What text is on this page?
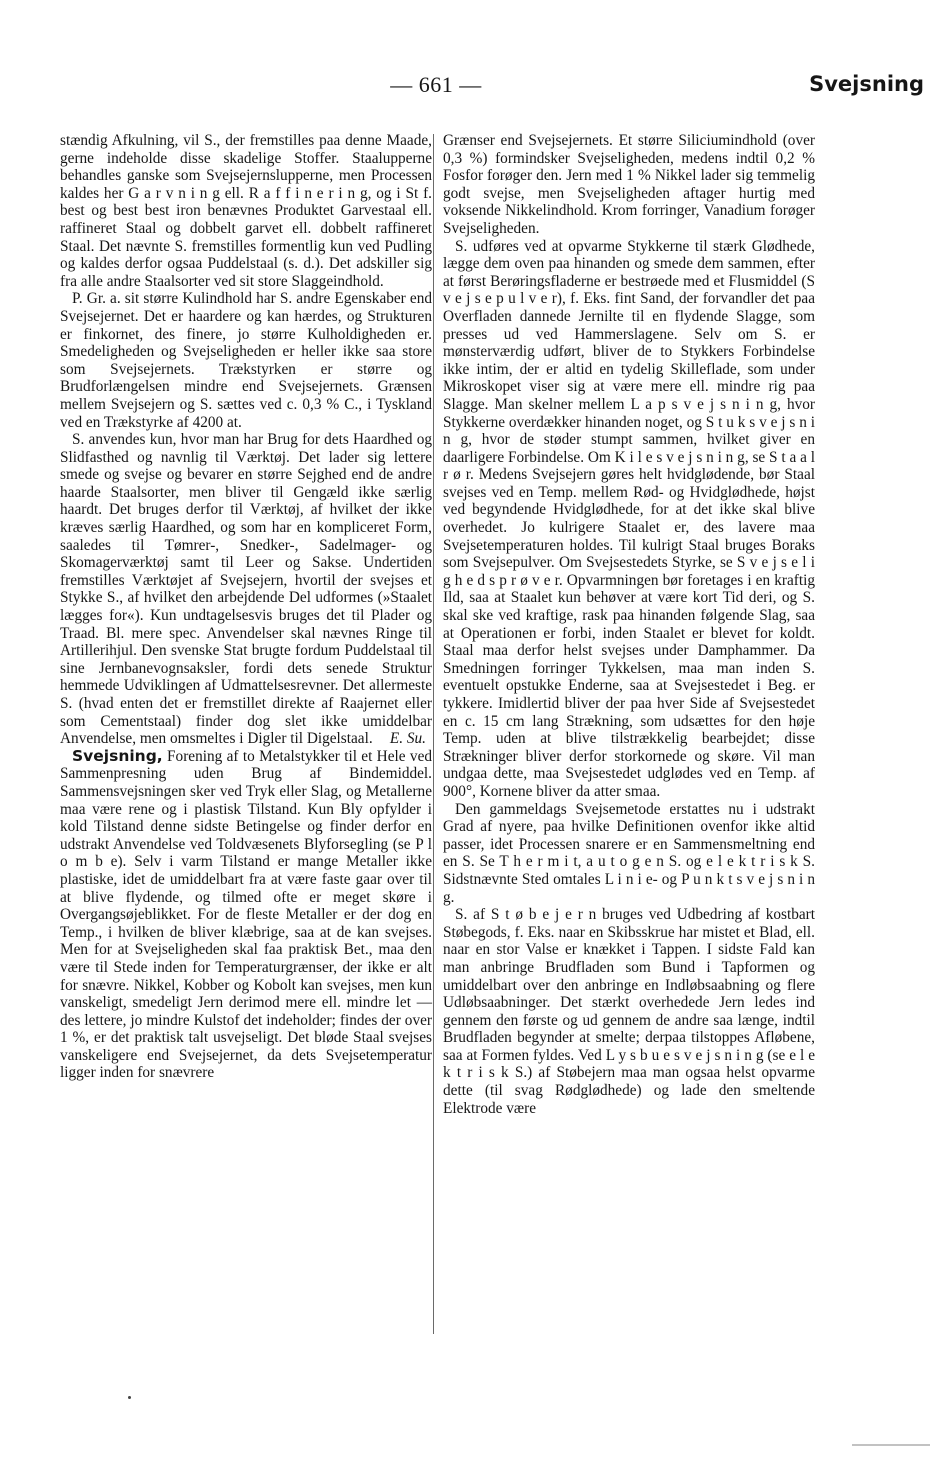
— 661 —	Svejsning

stændig Afkulning, vil S., der fremstilles paa denne Maade, gerne indeholde disse skadelige Stoffer. Staalupperne behandles ganske som Svejsejernslupperne, men Processen kaldes her G a r v n i n g ell. R a f f i n e r i n g, og i St f. best og best best iron benævnes Produktet Garvestaal ell. raffineret Staal og dobbelt garvet ell. dobbelt raffineret Staal. Det nævnte S. fremstilles formentlig kun ved Pudling og kaldes derfor ogsaa Puddelstaal (s. d.). Det adskiller sig fra alle andre Staalsorter ved sit store Slaggeindhold.

P. Gr. a. sit større Kulindhold har S. andre Egenskaber end Svejsejernet. Det er haardere og kan hærdes, og Strukturen er finkornet, des finere, jo større Kulholdigheden er. Smedeligheden og Svejseligheden er heller ikke saa store som Svejsejernets. Trækstyrken er større og Brudforlængelsen mindre end Svejsejernets. Grænsen mellem Svejsejern og S. sættes ved c. 0,3 % C., i Tyskland ved en Trækstyrke af 4200 at.

S. anvendes kun, hvor man har Brug for dets Haardhed og Slidfasthed og navnlig til Værktøj. Det lader sig lettere smede og svejse og bevarer en større Sejghed end de andre haarde Staalsorter, men bliver til Gengæld ikke særlig haardt. Det bruges derfor til Værktøj, af hvilket der ikke kræves særlig Haardhed, og som har en kompliceret Form, saaledes til Tømrer-, Snedker-, Sadelmager- og Skomagerværktøj samt til Leer og Sakse. Undertiden fremstilles Værktøjet af Svejsejern, hvortil der svejses et Stykke S., af hvilket den arbejdende Del udformes (»Staalet lægges for«). Kun undtagelsesvis bruges det til Plader og Traad. Bl. mere spec. Anvendelser skal nævnes Ringe til Artillerihjul. Den svenske Stat brugte fordum Puddelstaal til sine Jernbanevognsaksler, fordi dets senede Struktur hemmede Udviklingen af Udmattelsesrevner. Det allermeste S. (hvad enten det er fremstillet direkte af Raajernet eller som Cementstaal) finder dog slet ikke umiddelbar Anvendelse, men omsmeltes i Digler til Digelstaal.	E. Su.

Svejsning, Forening af to Metalstykker til et Hele ved Sammenpresning uden Brug af Bindemiddel. Sammensvejsningen sker ved Tryk eller Slag, og Metallerne maa være rene og i plastisk Tilstand. Kun Bly opfylder i kold Tilstand denne sidste Betingelse og finder derfor en udstrakt Anvendelse ved Toldvæsenets Blyforsegling (se P l o m b e). Selv i varm Tilstand er mange Metaller ikke plastiske, idet de umiddelbart fra at være faste gaar over til at blive flydende, og tilmed ofte er meget skøre i Overgangsøjeblikket. For de fleste Metaller er der dog en Temp., i hvilken de bliver klæbrige, saa at de kan svejses. Men for at Svejseligheden skal faa praktisk Bet., maa den være til Stede inden for Temperaturgrænser, der ikke er alt for snævre. Nikkel, Kobber og Kobolt kan svejses, men kun vanskeligt, smedeligt Jern derimod mere ell. mindre let — des lettere, jo mindre Kulstof det indeholder; findes der over 1 %, er det praktisk talt usvejseligt. Det bløde Staal svejses vanskeligere end Svejsejernet, da dets Svejsetemperatur ligger inden for snævrere

Grænser end Svejsejernets. Et større Siliciumindhold (over 0,3 %) formindsker Svejseligheden, medens indtil 0,2 % Fosfor forøger den. Jern med 1 % Nikkel lader sig temmelig godt svejse, men Svejseligheden aftager hurtig med voksende Nikkelindhold. Krom forringer, Vanadium forøger Svejseligheden.

S. udføres ved at opvarme Stykkerne til stærk Glødhede, lægge dem oven paa hinanden og smede dem sammen, efter at først Berøringsfladerne er bestrøede med et Flusmiddel (S v e j s e p u l v e r), f. Eks. fint Sand, der forvandler det paa Overfladen dannede Jernilte til en flydende Slagge, som presses ud ved Hammerslagene. Selv om S. er mønsterværdig udført, bliver de to Stykkers Forbindelse ikke intim, der er altid en tydelig Skilleflade, som under Mikroskopet viser sig at være mere ell. mindre rig paa Slagge. Man skelner mellem L a p s v e j s n i n g, hvor Stykkerne overdækker hinanden noget, og S t u k s v e j s n i n g, hvor de støder stumpt sammen, hvilket giver en daarligere Forbindelse. Om K i l e s v e j s n i n g, se S t a a l r ø r. Medens Svejsejern gøres helt hvidglødende, bør Staal svejses ved en Temp. mellem Rød- og Hvidglødhede, højst ved begyndende Hvidglødhede, for at det ikke skal blive overhedet. Jo kulrigere Staalet er, des lavere maa Svejsetemperaturen holdes. Til kulrigt Staal bruges Boraks som Svejsepulver. Om Svejsestedets Styrke, se S v e j s e l i g h e d s p r ø v e r. Opvarmningen bør foretages i en kraftig Ild, saa at Staalet kun behøver at være kort Tid deri, og S. skal ske ved kraftige, rask paa hinanden følgende Slag, saa at Operationen er forbi, inden Staalet er blevet for koldt. Staal maa derfor helst svejses under Damphammer. Da Smedningen forringer Tykkelsen, maa man inden S. eventuelt opstukke Enderne, saa at Svejsestedet i Beg. er tykkere. Imidlertid bliver der paa hver Side af Svejsestedet en c. 15 cm lang Strækning, som udsættes for den høje Temp. uden at blive tilstrækkelig bearbejdet; disse Strækninger bliver derfor storkornede og skøre. Vil man undgaa dette, maa Svejsestedet udglødes ved en Temp. af 900°, Kornene bliver da atter smaa.

Den gammeldags Svejsemetode erstattes nu i udstrakt Grad af nyere, paa hvilke Definitionen ovenfor ikke altid passer, idet Processen snarere er en Sammensmeltning end en S. Se T h e r m i t, a u t o g e n S. og e l e k t r i s k S. Sidstnævnte Sted omtales L i n i e- og P u n k t s v e j s n i n g.

S. af S t ø b e j e r n bruges ved Udbedring af kostbart Støbegods, f. Eks. naar en Skibsskrue har mistet et Blad, ell. naar en stor Valse er knækket i Tappen. I sidste Fald kan man anbringe Brudfladen som Bund i Tapformen og umiddelbart over den anbringe en Indløbsaabning og flere Udløbsaabninger. Det stærkt overhedede Jern ledes ind gennem den første og ud gennem de andre saa længe, indtil Brudfladen begynder at smelte; derpaa tilstoppes Afløbene, saa at Formen fyldes. Ved L y s b u e s v e j s n i n g (se e l e k t r i s k S.) af Støbejern maa man ogsaa helst opvarme dette (til svag Rødglødhede) og lade den smeltende Elektrode være
